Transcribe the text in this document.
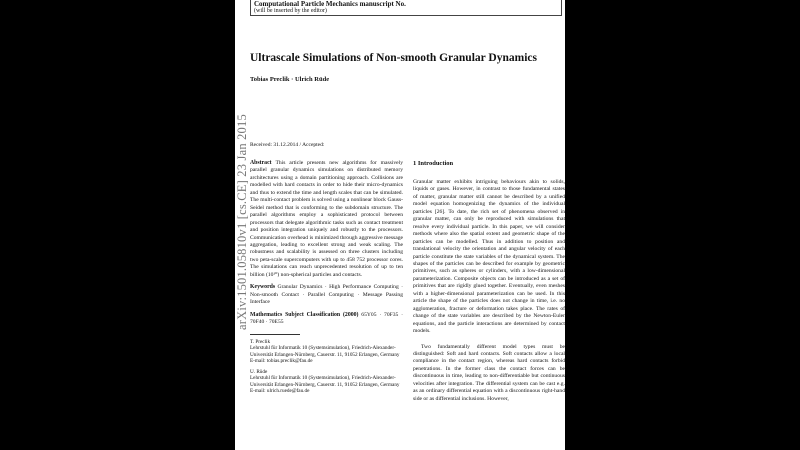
Computational Particle Mechanics manuscript No.
(will be inserted by the editor)
Ultrascale Simulations of Non-smooth Granular Dynamics
Tobias Preclik · Ulrich Rüde
Received: 31.12.2014 / Accepted:

Abstract This article presents new algorithms for massively parallel granular dynamics simulations on distributed memory architectures using a domain partitioning approach. Collisions are modelled with hard contacts in order to hide their micro-dynamics and thus to extend the time and length scales that can be simulated. The multi-contact problem is solved using a nonlinear block Gauss-Seidel method that is conforming to the subdomain structure. The parallel algorithms employ a sophisticated protocol between processors that delegate algorithmic tasks such as contact treatment and position integration uniquely and robustly to the processors. Communication overhead is minimized through aggressive message aggregation, leading to excellent strong and weak scaling. The robustness and scalability is assessed on three clusters including two peta-scale supercomputers with up to 458 752 processor cores. The simulations can reach unprecedented resolution of up to ten billion (10¹⁰) non-spherical particles and contacts.

Keywords Granular Dynamics · High Performance Computing · Non-smooth Contact · Parallel Computing · Message Passing Interface

Mathematics Subject Classification (2000) 65Y05 · 70F35 · 70F40 · 70E55

T. Preclik
Lehrstuhl für Informatik 10 (Systemsimulation), Friedrich-Alexander-Universität Erlangen-Nürnberg, Cauerstr. 11, 91052 Erlangen, Germany
E-mail: tobias.preclik@fau.de

U. Rüde
Lehrstuhl für Informatik 10 (Systemsimulation), Friedrich-Alexander-Universität Erlangen-Nürnberg, Cauerstr. 11, 91052 Erlangen, Germany
E-mail: ulrich.ruede@fau.de

1 Introduction

Granular matter exhibits intriguing behaviours akin to solids, liquids or gases. However, in contrast to those fundamental states of matter, granular matter still cannot be described by a unified model equation homogenizing the dynamics of the individual particles [26]. To date, the rich set of phenomena observed in granular matter, can only be reproduced with simulations that resolve every individual particle. In this paper, we will consider methods where also the spatial extent and geometric shape of the particles can be modelled. Thus in addition to position and translational velocity the orientation and angular velocity of each particle constitute the state variables of the dynamical system. The shapes of the particles can be described for example by geometric primitives, such as spheres or cylinders, with a low-dimensional parameterization. Composite objects can be introduced as a set of primitives that are rigidly glued together. Eventually, even meshes with a higher-dimensional parameterization can be used. In this article the shape of the particles does not change in time, i.e. no agglomeration, fracture or deformation takes place. The rates of change of the state variables are described by the Newton-Euler equations, and the particle interactions are determined by contact models.

Two fundamentally different model types must be distinguished: Soft and hard contacts. Soft contacts allow a local compliance in the contact region, whereas hard contacts forbid penetrations. In the former class the contact forces can be discontinuous in time, leading to non-differentiable but continuous velocities after integration. The differential system can be cast e.g. as an ordinary differential equation with a discontinuous right-hand side or as differential inclusions. However,

arXiv:1501.05810v1 [cs.CE] 23 Jan 2015
